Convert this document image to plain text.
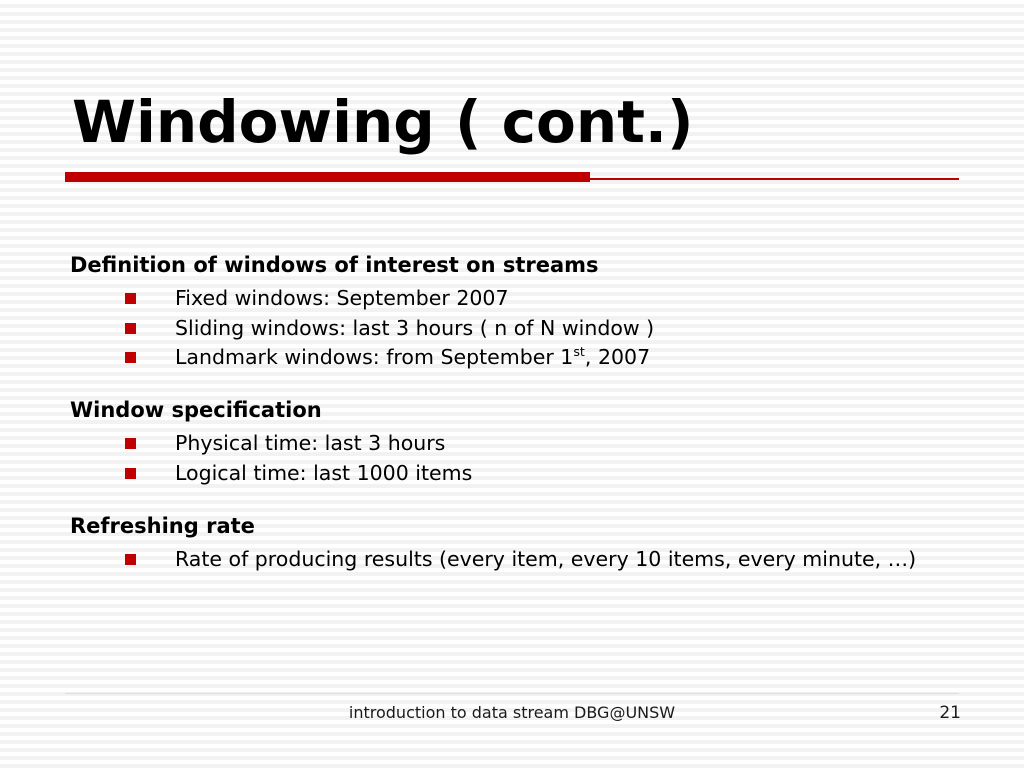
Windowing ( cont.)
Definition of windows of interest on streams
Fixed windows: September 2007
Sliding windows: last 3 hours ( n of N window )
Landmark windows: from September 1st, 2007
Window specification
Physical time: last 3 hours
Logical time: last 1000 items
Refreshing rate
Rate of producing results (every item, every 10 items, every minute, …)
introduction to data stream DBG@UNSW	21
